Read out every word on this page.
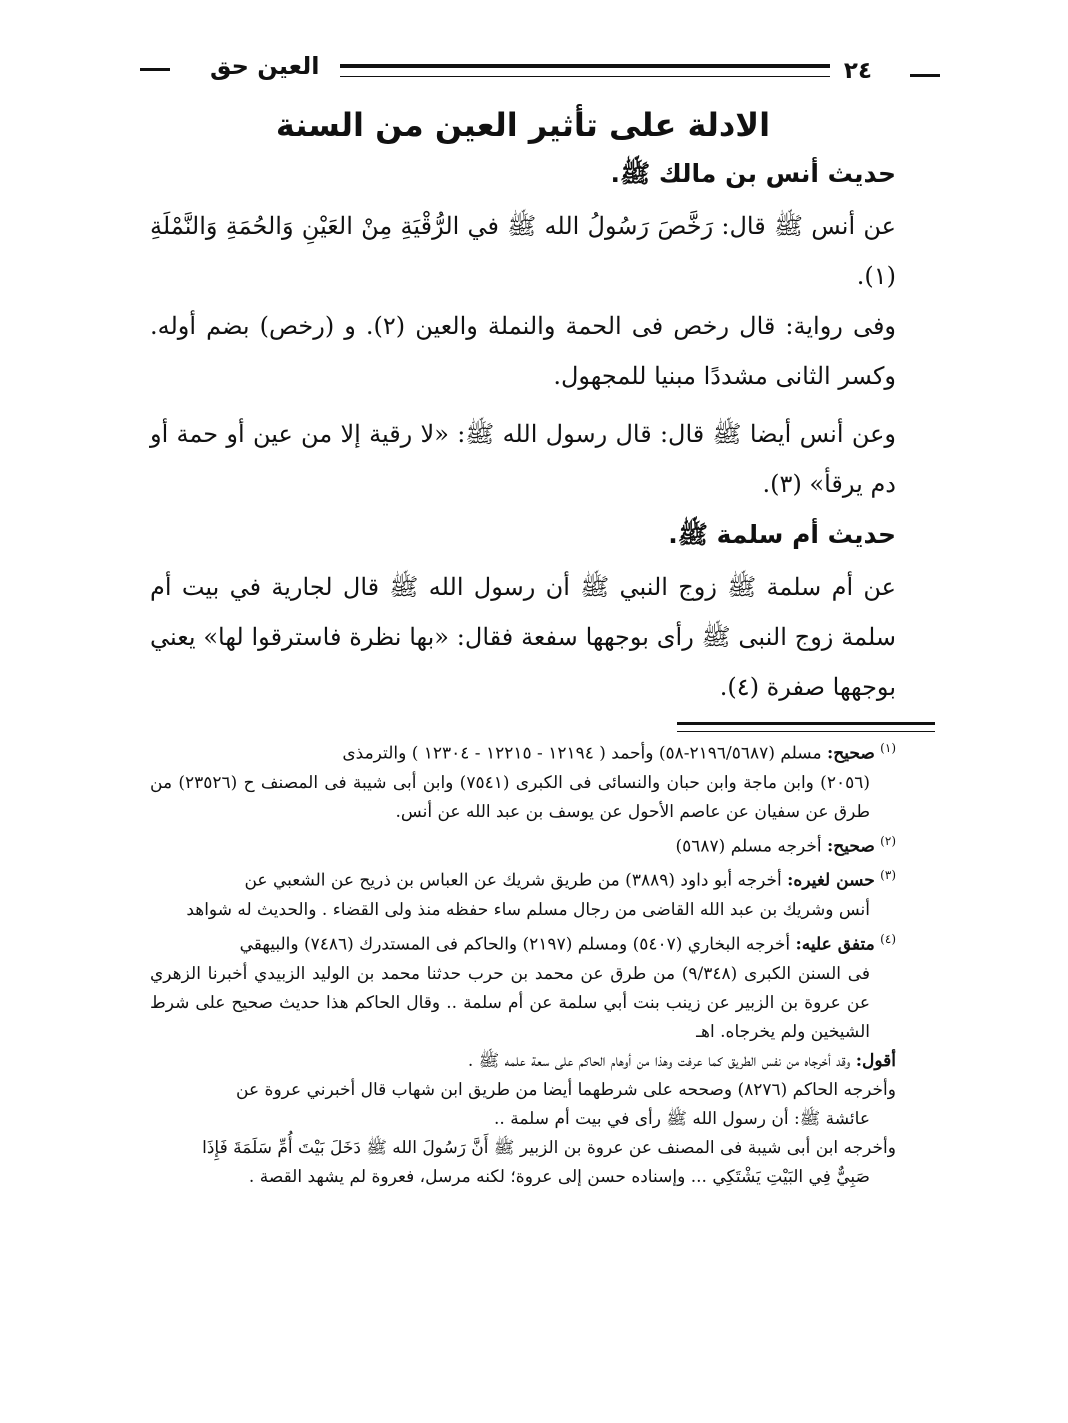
٢٤
العين حق
الادلة على تأثير العين من السنة
حديث أنس بن مالك ﷺ.

عن أنس ﷺ قال: رَخَّصَ رَسُولُ الله ﷺ في الرُّقْيَةِ مِنْ العَيْنِ وَالحُمَةِ وَالنَّمْلَةِ (١).

وفى رواية: قال رخص فى الحمة والنملة والعين (٢). و (رخص) بضم أوله. وكسر الثانى مشددًا مبنيا للمجهول.

وعن أنس أيضا ﷺ قال: قال رسول الله ﷺ: «لا رقية إلا من عين أو حمة أو دم يرقأ» (٣).

حديث أم سلمة ﷺ.

عن أم سلمة ﷺ زوج النبي ﷺ أن رسول الله ﷺ قال لجارية في بيت أم سلمة زوج النبى ﷺ رأى بوجهها سفعة فقال: «بها نظرة فاسترقوا لها» يعني بوجهها صفرة (٤).

$^{(١)}$ صحيح: مسلم (٢١٩٦/٥٦٨٧-٥٨) وأحمد ( ١٢١٩٤ - ١٢٢١٥ - ١٢٣٠٤ ) والترمذى
(٢٠٥٦) وابن ماجة وابن حبان والنسائى فى الكبرى (٧٥٤١) وابن أبى شيبة فى المصنف ح (٢٣٥٢٦) من طرق عن سفيان عن عاصم الأحول عن يوسف بن عبد الله عن أنس.

$^{(٢)}$ صحيح: أخرجه مسلم (٥٦٨٧)

$^{(٣)}$ حسن لغيره: أخرجه أبو داود (٣٨٨٩) من طريق شريك عن العباس بن ذريح عن الشعبي عن
أنس وشريك بن عبد الله القاضى من رجال مسلم ساء حفظه منذ ولى القضاء . والحديث له شواهد

$^{(٤)}$ متفق عليه: أخرجه البخاري (٥٤٠٧) ومسلم (٢١٩٧) والحاكم فى المستدرك (٧٤٨٦) والبيهقي
فى السنن الكبرى (٩/٣٤٨) من طرق عن محمد بن حرب حدثنا محمد بن الوليد الزبيدي أخبرنا الزهري عن عروة بن الزبير عن زينب بنت أبي سلمة عن أم سلمة .. وقال الحاكم هذا حديث صحيح على شرط الشيخين ولم يخرجاه. اهـ

أقول: وقد أخرجاه من نفس الطريق كما عرفت وهذا من أوهام الحاكم على سعة علمه ﷺ .

وأخرجه الحاكم (٨٢٧٦) وصححه على شرطهما أيضا من طريق ابن شهاب قال أخبرني عروة عن
عائشة ﷺ: أن رسول الله ﷺ رأى في بيت أم سلمة ..

وأخرجه ابن أبى شيبة فى المصنف عن عروة بن الزبير ﷺ أَنَّ رَسُولَ الله ﷺ دَخَلَ بَيْتَ أُمِّ سَلَمَةَ فَإِذَا
صَبِيٌّ فِي البَيْتِ يَشْتَكِي ... وإسناده حسن إلى عروة؛ لكنه مرسل، فعروة لم يشهد القصة .
